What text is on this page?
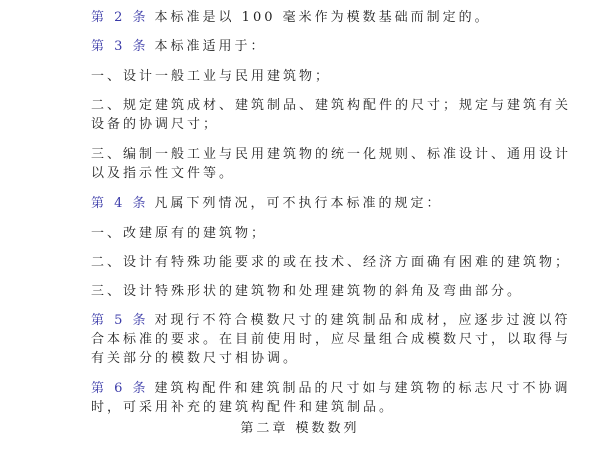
第 2 条 本标准是以 100 毫米作为模数基础而制定的。
第 3 条 本标准适用于：
一、设计一般工业与民用建筑物；
二、规定建筑成材、建筑制品、建筑构配件的尺寸；规定与建筑有关
设备的协调尺寸；
三、编制一般工业与民用建筑物的统一化规则、标准设计、通用设计
以及指示性文件等。
第 4 条 凡属下列情况，可不执行本标准的规定：
一、改建原有的建筑物；
二、设计有特殊功能要求的或在技术、经济方面确有困难的建筑物；
三、设计特殊形状的建筑物和处理建筑物的斜角及弯曲部分。
第 5 条 对现行不符合模数尺寸的建筑制品和成材，应逐步过渡以符
合本标准的要求。在目前使用时，应尽量组合成模数尺寸，以取得与
有关部分的模数尺寸相协调。
第 6 条 建筑构配件和建筑制品的尺寸如与建筑物的标志尺寸不协调
时，可采用补充的建筑构配件和建筑制品。
第二章 模数数列
